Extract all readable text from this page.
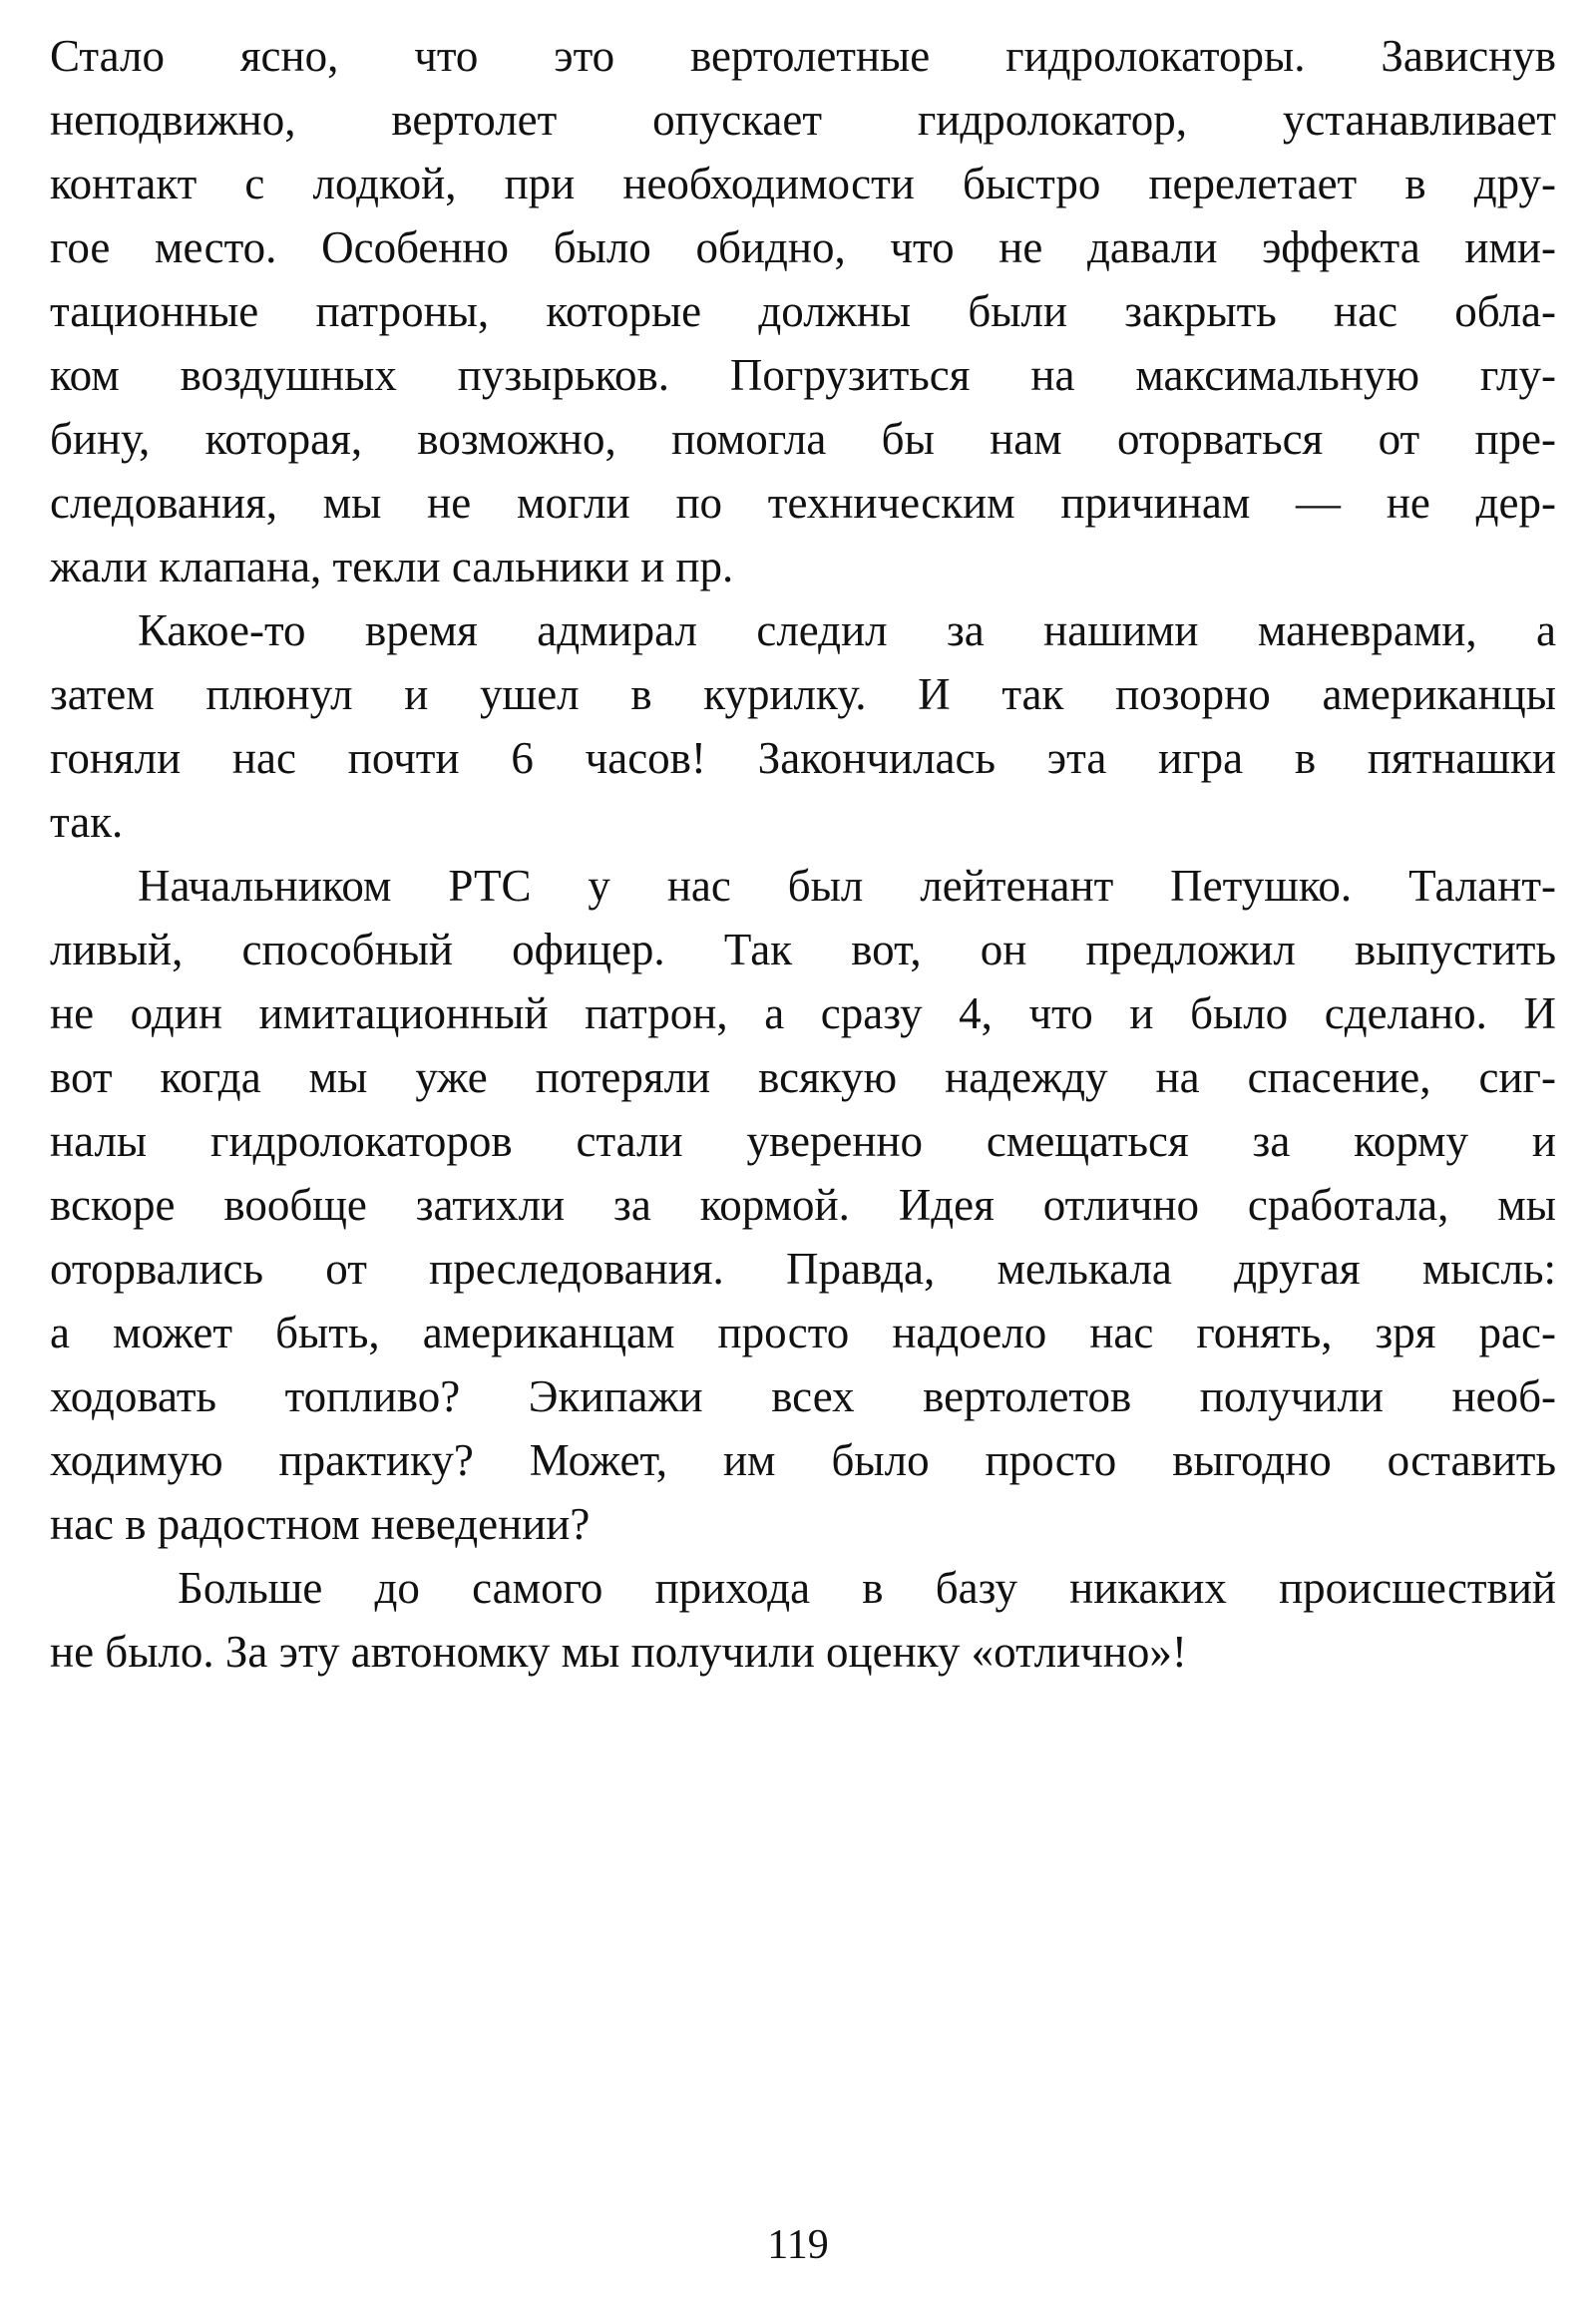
Стало ясно, что это вертолетные гидролокаторы. Зависнув
неподвижно, вертолет опускает гидролокатор, устанавливает
контакт с лодкой, при необходимости быстро перелетает в дру-
гое место. Особенно было обидно, что не давали эффекта ими-
тационные патроны, которые должны были закрыть нас обла-
ком воздушных пузырьков. Погрузиться на максимальную глу-
бину, которая, возможно, помогла бы нам оторваться от пре-
следования, мы не могли по техническим причинам — не дер-
жали клапана, текли сальники и пр.
Какое-то время адмирал следил за нашими маневрами, а
затем плюнул и ушел в курилку. И так позорно американцы
гоняли нас почти 6 часов! Закончилась эта игра в пятнашки
так.
Начальником РТС у нас был лейтенант Петушко. Талант-
ливый, способный офицер. Так вот, он предложил выпустить
не один имитационный патрон, а сразу 4, что и было сделано. И
вот когда мы уже потеряли всякую надежду на спасение, сиг-
налы гидролокаторов стали уверенно смещаться за корму и
вскоре вообще затихли за кормой. Идея отлично сработала, мы
оторвались от преследования. Правда, мелькала другая мысль:
а может быть, американцам просто надоело нас гонять, зря рас-
ходовать топливо? Экипажи всех вертолетов получили необ-
ходимую практику? Может, им было просто выгодно оставить
нас в радостном неведении?
Больше до самого прихода в базу никаких происшествий
не было. За эту автономку мы получили оценку «отлично»!
119
